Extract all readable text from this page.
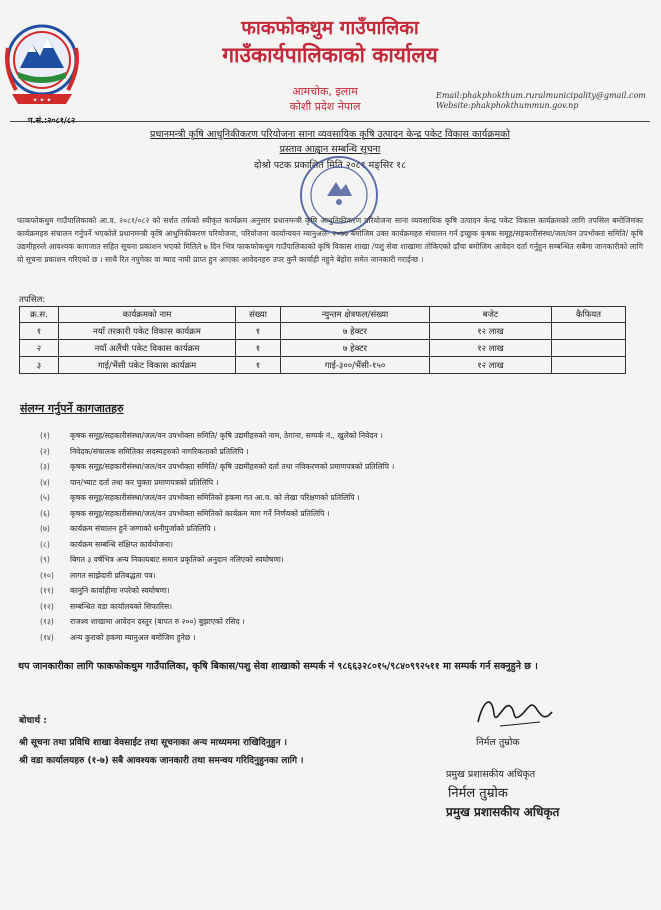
✦ ✦ ✦
फाकफोकथुम गाउँपालिका
गाउँकार्यपालिकाको कार्यालय
आमचोक, इलाम
कोशी प्रदेश नेपाल
Email:phakphokthum.ruralmunicipality@gmail.com
Website:phakphokthummun.gov.np
प्रधानमन्त्री कृषि आधुनिकीकरण परियोजना साना व्यवसायिक कृषि उत्पादन केन्द्र पकेट विकास कार्यक्रमको
प्रस्ताव आह्वान सम्बन्धि सूचना
दोश्रो पटक प्रकाशित मिति २०८१ मङ्सिर १८
फाकफोकथुम गाउँपालिकाको आ.व. २०८१/०८२ को सर्शत तर्फको स्वीकृत कार्यक्रम अनुसार प्रधानमन्त्री कृषि आधुनिकीकरण परियोजना साना व्यवसायिक कृषि उत्पादन केन्द्र पकेट विकास कार्यक्रमको लागि तपसिल बमोजिमका कार्यक्रमहरु संचालन गर्नुपर्ने भएकोले प्रधानमन्त्री कृषि आधुनिकीकरण परियोजना, परियोजना कार्यान्वयन म्यानुअल- २०७७ बमोजिम उक्त कार्यक्रमहरु संचालन गर्न इच्छुक कृषक समूह/सहकारीसंस्था/जल/वन उपभोक्ता समिति/ कृषि उद्यमीहरुले आवश्यक कागजात सहित सूचना प्रकाशन भएको मितिले ७ दिन भित्र फाकफोकथुम गाउँपालिकाको कृषि विकास शाखा /पशु सेवा शाखामा तोकिएको ढाँचा बमोजिम आवेदन दर्ता गर्नुहुन सम्बन्धित सबैमा जानकारीको लागि यो सूचना प्रकाशन गरिएको छ । साथै रित नपुगेका वा म्याद नाघी प्राप्त हुन आएका आवेदनहरु उपर कुनै कार्वाही नहुने बेहोरा समेत जानकारी गराईन्छ ।
तपसिल:
क्र.स.	कार्यक्रमको नाम	संख्या	न्युन्तम क्षेत्रफल/संख्या	बजेट	कैफियत
१	नयाँ तरकारी पकेट विकास कार्यक्रम	१	७ हेक्टर	१२ लाख	
२	नयाँ अलैंची पकेट विकास कार्यक्रम	१	७ हेक्टर	१२ लाख	
३	गाई/भैंसी पकेट विकास कार्यक्रम	१	गाई-३००/भैंसी-१५०	१२ लाख	
संलग्न गर्नुपर्ने कागजातहरु
(१)	कृषक समूह/सहकारीसंस्था/जल/वन उपभोक्ता समिति/ कृषि उद्यमीहरुको नाम, ठेगाना, सम्पर्क नं., खुलेको निवेदन ।
(२)	निवेदक/संचालक समितिका सदस्यहरुको नागरिकताको प्रतिलिपि ।
(३)	कृषक समूह/सहकारीसंस्था/जल/वन उपभोक्ता समिति/ कृषि उद्यमीहरुको दर्ता तथा नविकरणको प्रमाणपत्रको प्रतिलिपि ।
(४)	पान/भ्याट दर्ता तथा कर चुक्ता प्रमाणपत्रको प्रतिलिपि ।
(५)	कृषक समूह/सहकारीसंस्था/जल/वन उपभोक्ता समितिको हकमा गत आ.व. को लेखा परिक्षणको प्रतिलिपि ।
(६)	कृषक समूह/सहकारीसंस्था/जल/वन उपभोक्ता समितिको कार्यक्रम माग गर्ने निर्णयको प्रतिलिपि ।
(७)	कार्यक्रम संचालन हुने जग्गाको धनीपुर्जाको प्रतिलिपि ।
(८)	कार्यक्रम सम्बन्धि संक्षिप्त कार्ययोजना।
(९)	बिगत ३ वर्षभित्र अन्य निकायबाट समान प्रकृतिको अनुदान नलिएको स्वघोषणा।
(१०) लागत साझेदारी प्रतिबद्धता पत्र।
(११) कानुनि कार्वाहीमा नपरेको स्वघोषणा।
(१२) सम्बन्धित वडा कार्यालयको सिफारिस।
(१३) राजश्व शाखामा आवेदन दस्तुर (बापत रु २००) बुझाएको रसिद ।
(१४) अन्य कुराको हकमा म्यानुअल बमोजिम हुनेछ ।
थप जानकारीका लागि फाकफोकथुम गाउँपालिका, कृषि बिकास/पशु सेवा शाखाको सम्पर्क नं ९८६६३२८०१५/९८४०९९२५११ मा सम्पर्क गर्न सक्नुहुने छ ।
बोधार्थ :
श्री सूचना तथा प्रविधि शाखा वेवसाईट तथा सूचनाका अन्य माध्यममा राखिदिनुहुन ।
श्री वडा कार्यालयहरु (१-७) सबै आवश्यक जानकारी तथा समन्वय गरिदिनुहुनका लागि ।
निर्मल तुम्रोक
प्रमुख प्रशासकीय अधिकृत
निर्मल तुम्रोक
प्रमुख प्रशासकीय अधिकृत
